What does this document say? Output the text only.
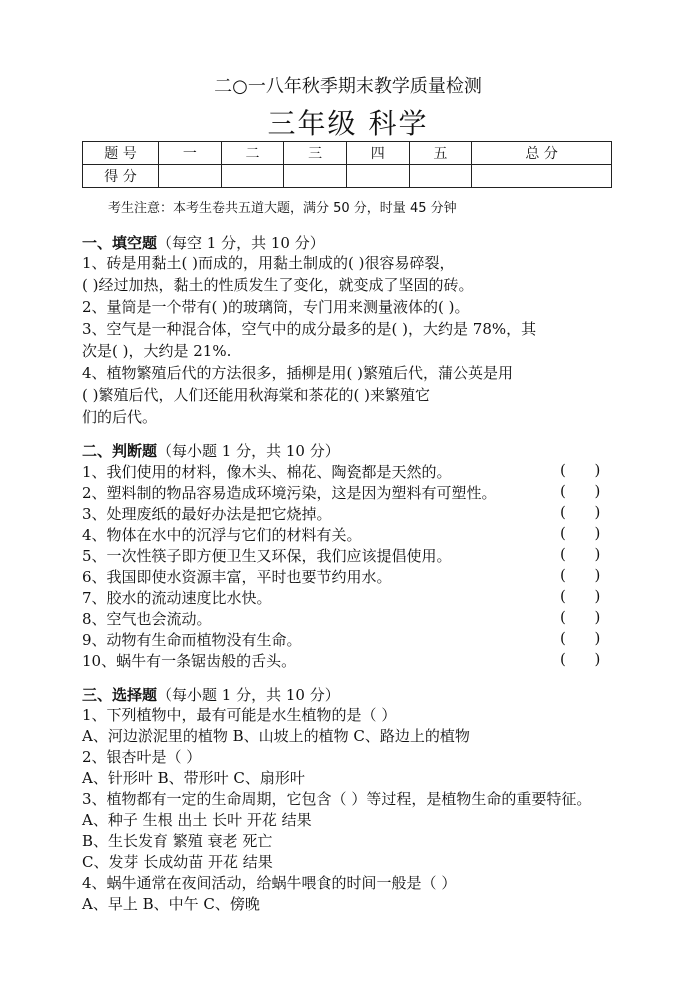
二○一八年秋季期末教学质量检测
三年级 科学
题 号	一	二	三	四	五	总 分
得 分						
考生注意：本考生卷共五道大题，满分 50 分，时量 45 分钟
一、填空题（每空 1 分，共 10 分）
1、砖是用黏土( )而成的，用黏土制成的( )很容易碎裂，
( )经过加热，黏土的性质发生了变化，就变成了坚固的砖。
2、量筒是一个带有( )的玻璃筒，专门用来测量液体的( )。
3、空气是一种混合体，空气中的成分最多的是( )，大约是 78%，其
次是( )，大约是 21%.
4、植物繁殖后代的方法很多，插柳是用( )繁殖后代，蒲公英是用
( )繁殖后代，人们还能用秋海棠和茶花的( )来繁殖它
们的后代。
二、判断题（每小题 1 分，共 10 分）
1、我们使用的材料，像木头、棉花、陶瓷都是天然的。	(      )
2、塑料制的物品容易造成环境污染，这是因为塑料有可塑性。	(      )
3、处理废纸的最好办法是把它烧掉。	(      )
4、物体在水中的沉浮与它们的材料有关。	(      )
5、一次性筷子即方便卫生又环保，我们应该提倡使用。	(      )
6、我国即使水资源丰富，平时也要节约用水。	(      )
7、胶水的流动速度比水快。	(      )
8、空气也会流动。	(      )
9、动物有生命而植物没有生命。	(      )
10、蜗牛有一条锯齿般的舌头。	(      )
三、选择题（每小题 1 分，共 10 分）
1、下列植物中，最有可能是水生植物的是（ ）
A、河边淤泥里的植物 B、山坡上的植物 C、路边上的植物
2、银杏叶是（ ）
A、针形叶 B、带形叶 C、扇形叶
3、植物都有一定的生命周期，它包含（ ）等过程，是植物生命的重要特征。
A、种子 生根 出土 长叶 开花 结果
B、生长发育 繁殖 衰老 死亡
C、发芽 长成幼苗 开花 结果
4、蜗牛通常在夜间活动，给蜗牛喂食的时间一般是（ ）
A、早上 B、中午 C、傍晚
